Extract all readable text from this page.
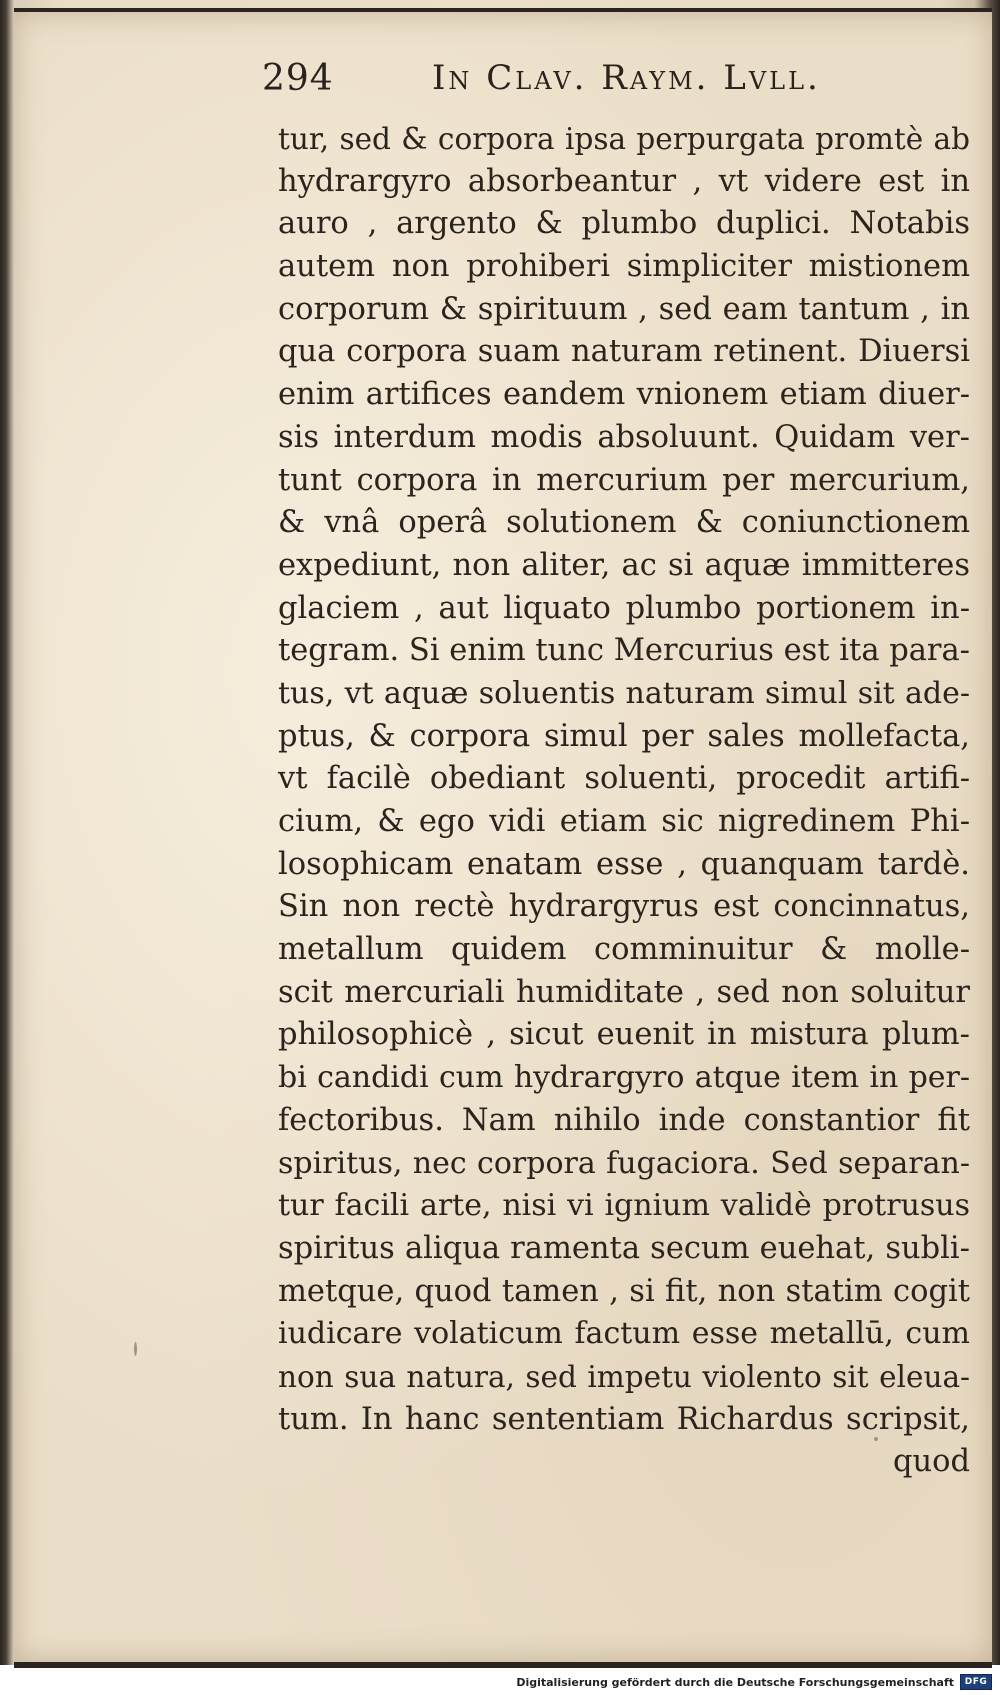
294	In Clav. Raym. Lvll.
tur, sed & corpora ipsa perpurgata promtè ab
hydrargyro absorbeantur , vt videre est in
auro , argento & plumbo duplici. Notabis
autem non prohiberi simpliciter mistionem
corporum & spirituum , sed eam tantum , in
qua corpora suam naturam retinent. Diuersi
enim artifices eandem vnionem etiam diuer-
sis interdum modis absoluunt. Quidam ver-
tunt corpora in mercurium per mercurium,
& vnâ operâ solutionem & coniunctionem
expediunt, non aliter, ac si aquæ immitteres
glaciem , aut liquato plumbo portionem in-
tegram. Si enim tunc Mercurius est ita para-
tus, vt aquæ soluentis naturam simul sit ade-
ptus, & corpora simul per sales mollefacta,
vt facilè obediant soluenti, procedit artifi-
cium, & ego vidi etiam sic nigredinem Phi-
losophicam enatam esse , quanquam tardè.
Sin non rectè hydrargyrus est concinnatus,
metallum quidem comminuitur & molle-
scit mercuriali humiditate , sed non soluitur
philosophicè , sicut euenit in mistura plum-
bi candidi cum hydrargyro atque item in per-
fectoribus. Nam nihilo inde constantior fit
spiritus, nec corpora fugaciora. Sed separan-
tur facili arte, nisi vi ignium validè protrusus
spiritus aliqua ramenta secum euehat, subli-
metque, quod tamen , si fit, non statim cogit
iudicare volaticum factum esse metallū, cum
non sua natura, sed impetu violento sit eleua-
tum. In hanc sententiam Richardus scripsit,
quod
Digitalisierung gefördert durch die Deutsche Forschungsgemeinschaft	DFG
